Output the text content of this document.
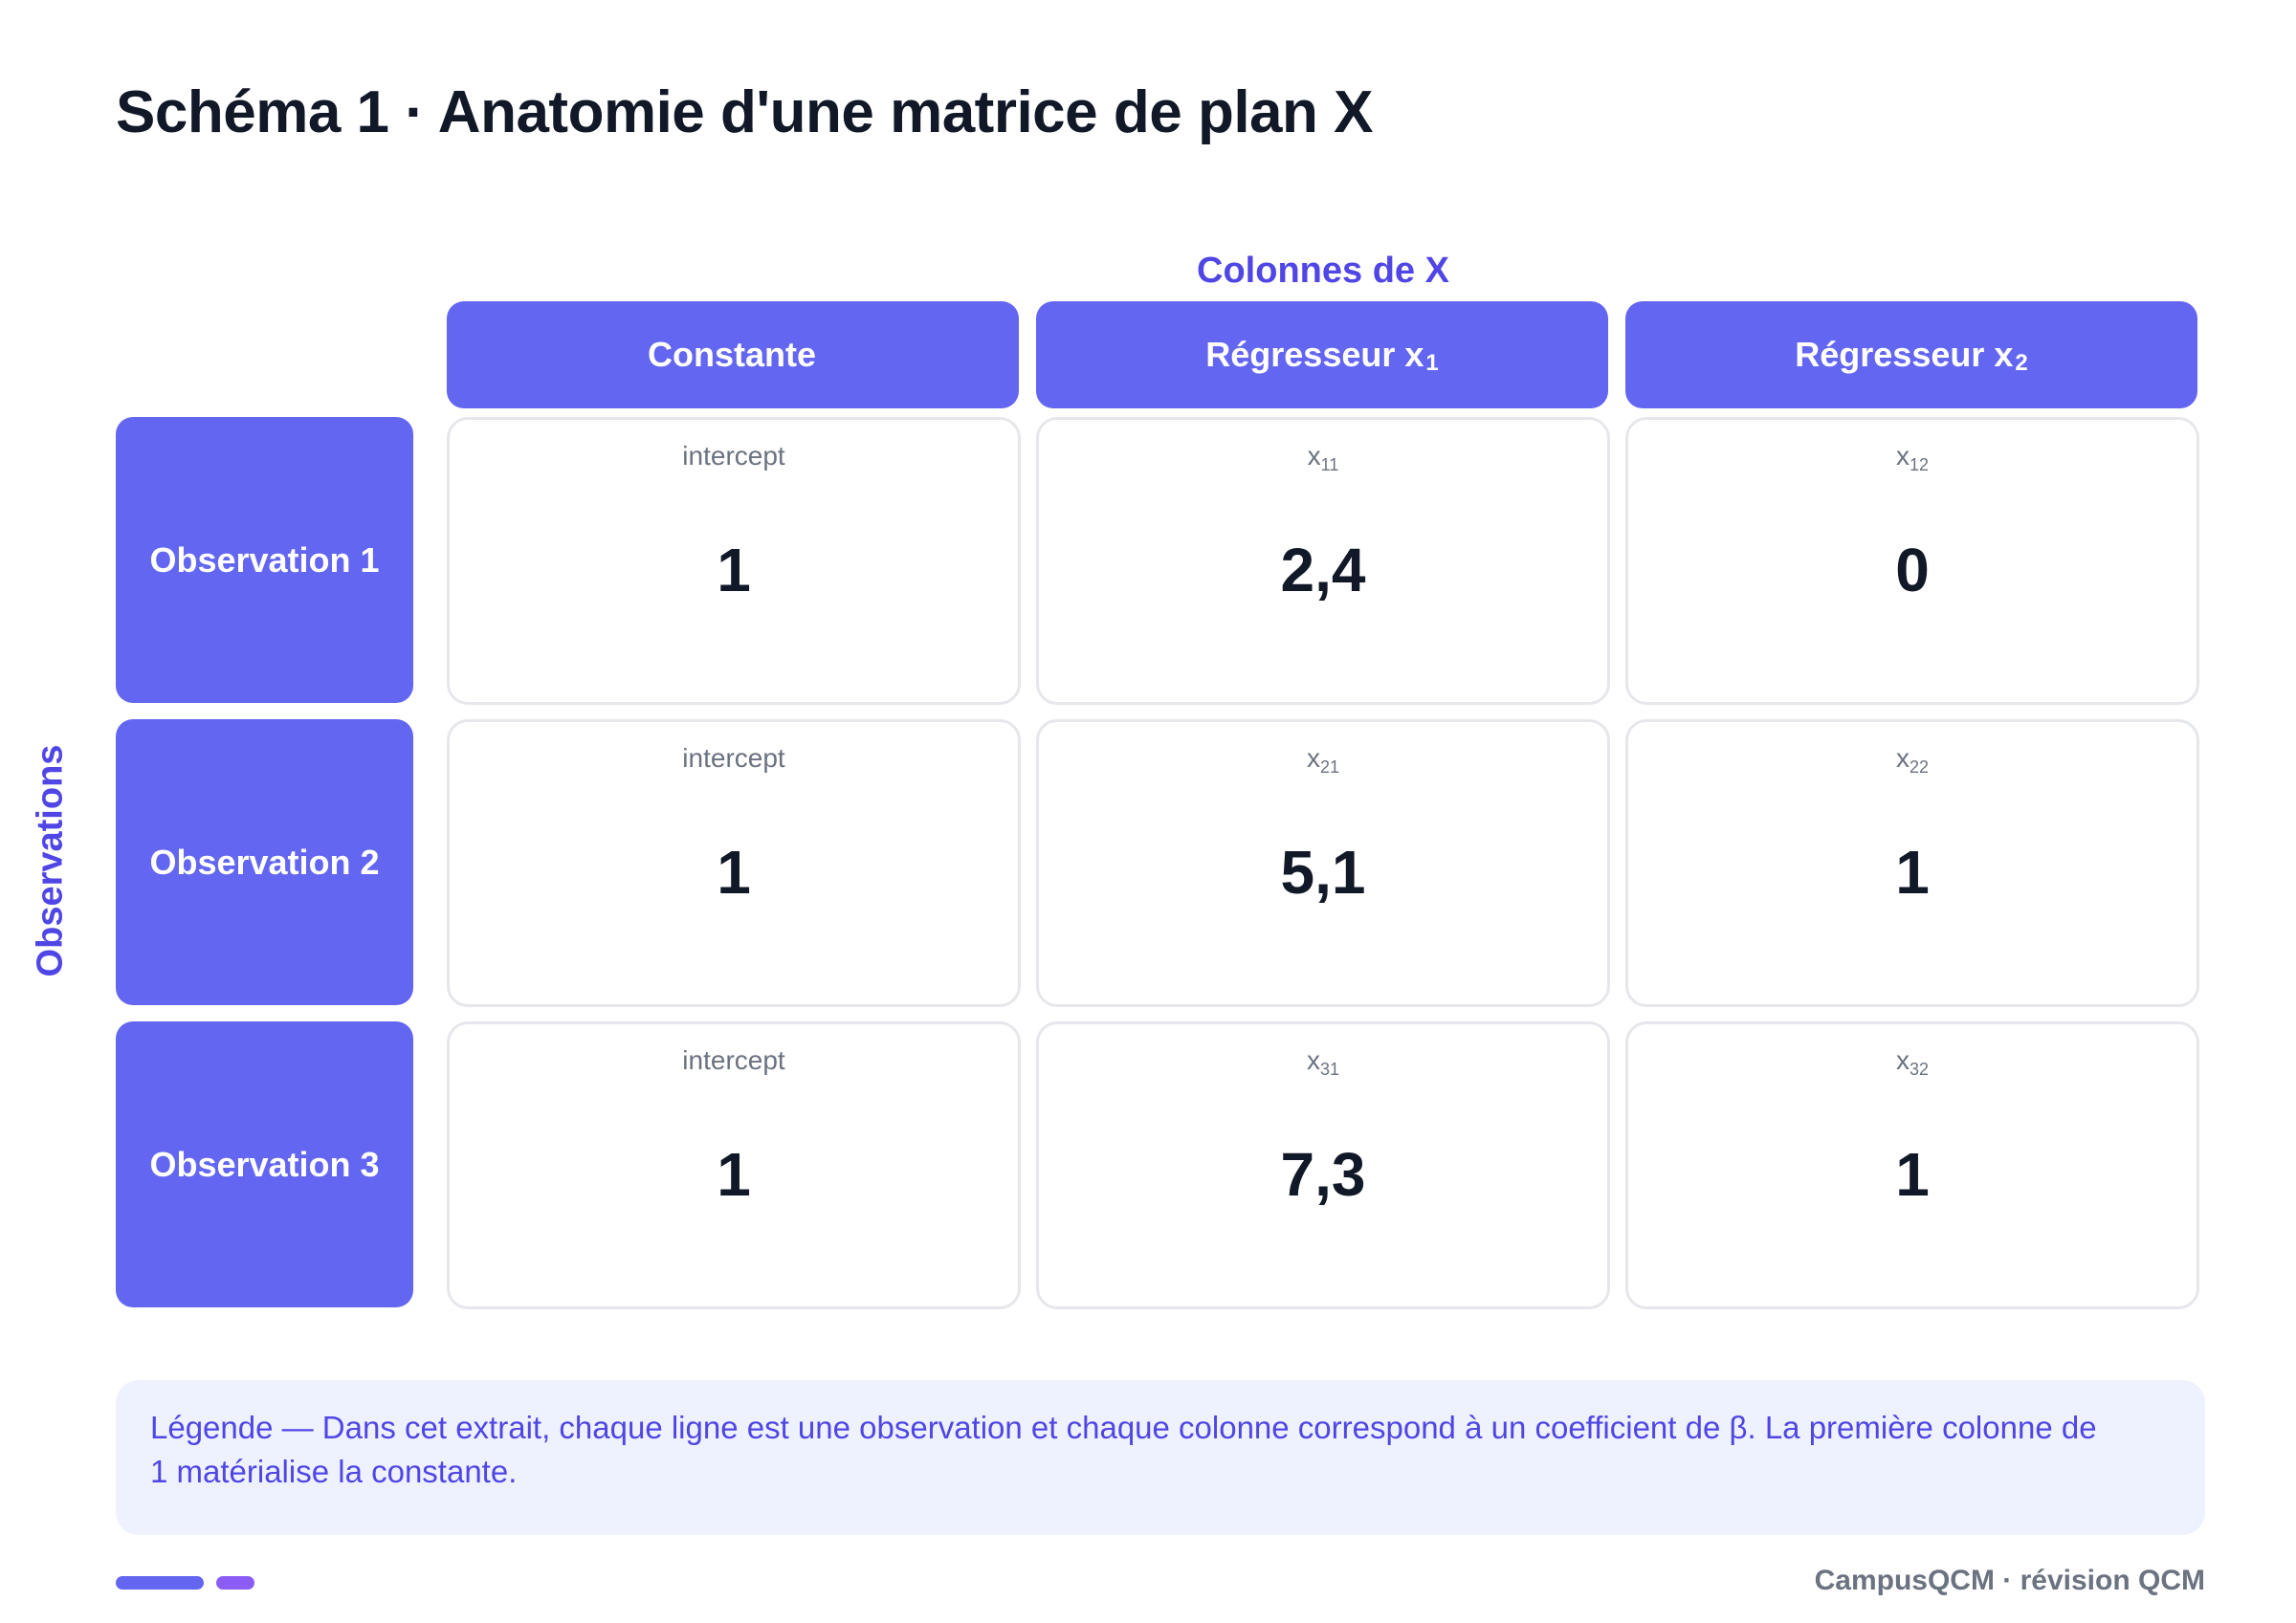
Schéma 1 · Anatomie d'une matrice de plan X
Colonnes de X
Observations
Constante	Régresseur x 1	Régresseur x 2
Observation 1
intercept
1
$x_{11}$
2,4
$x_{12}$
0
Observation 2
intercept
1
$x_{21}$
5,1
$x_{22}$
1
Observation 3
intercept
1
$x_{31}$
7,3
$x_{32}$
1
Légende — Dans cet extrait, chaque ligne est une observation et chaque colonne correspond à un coefficient de β. La première colonne de 1 matérialise la constante.
CampusQCM · révision QCM
